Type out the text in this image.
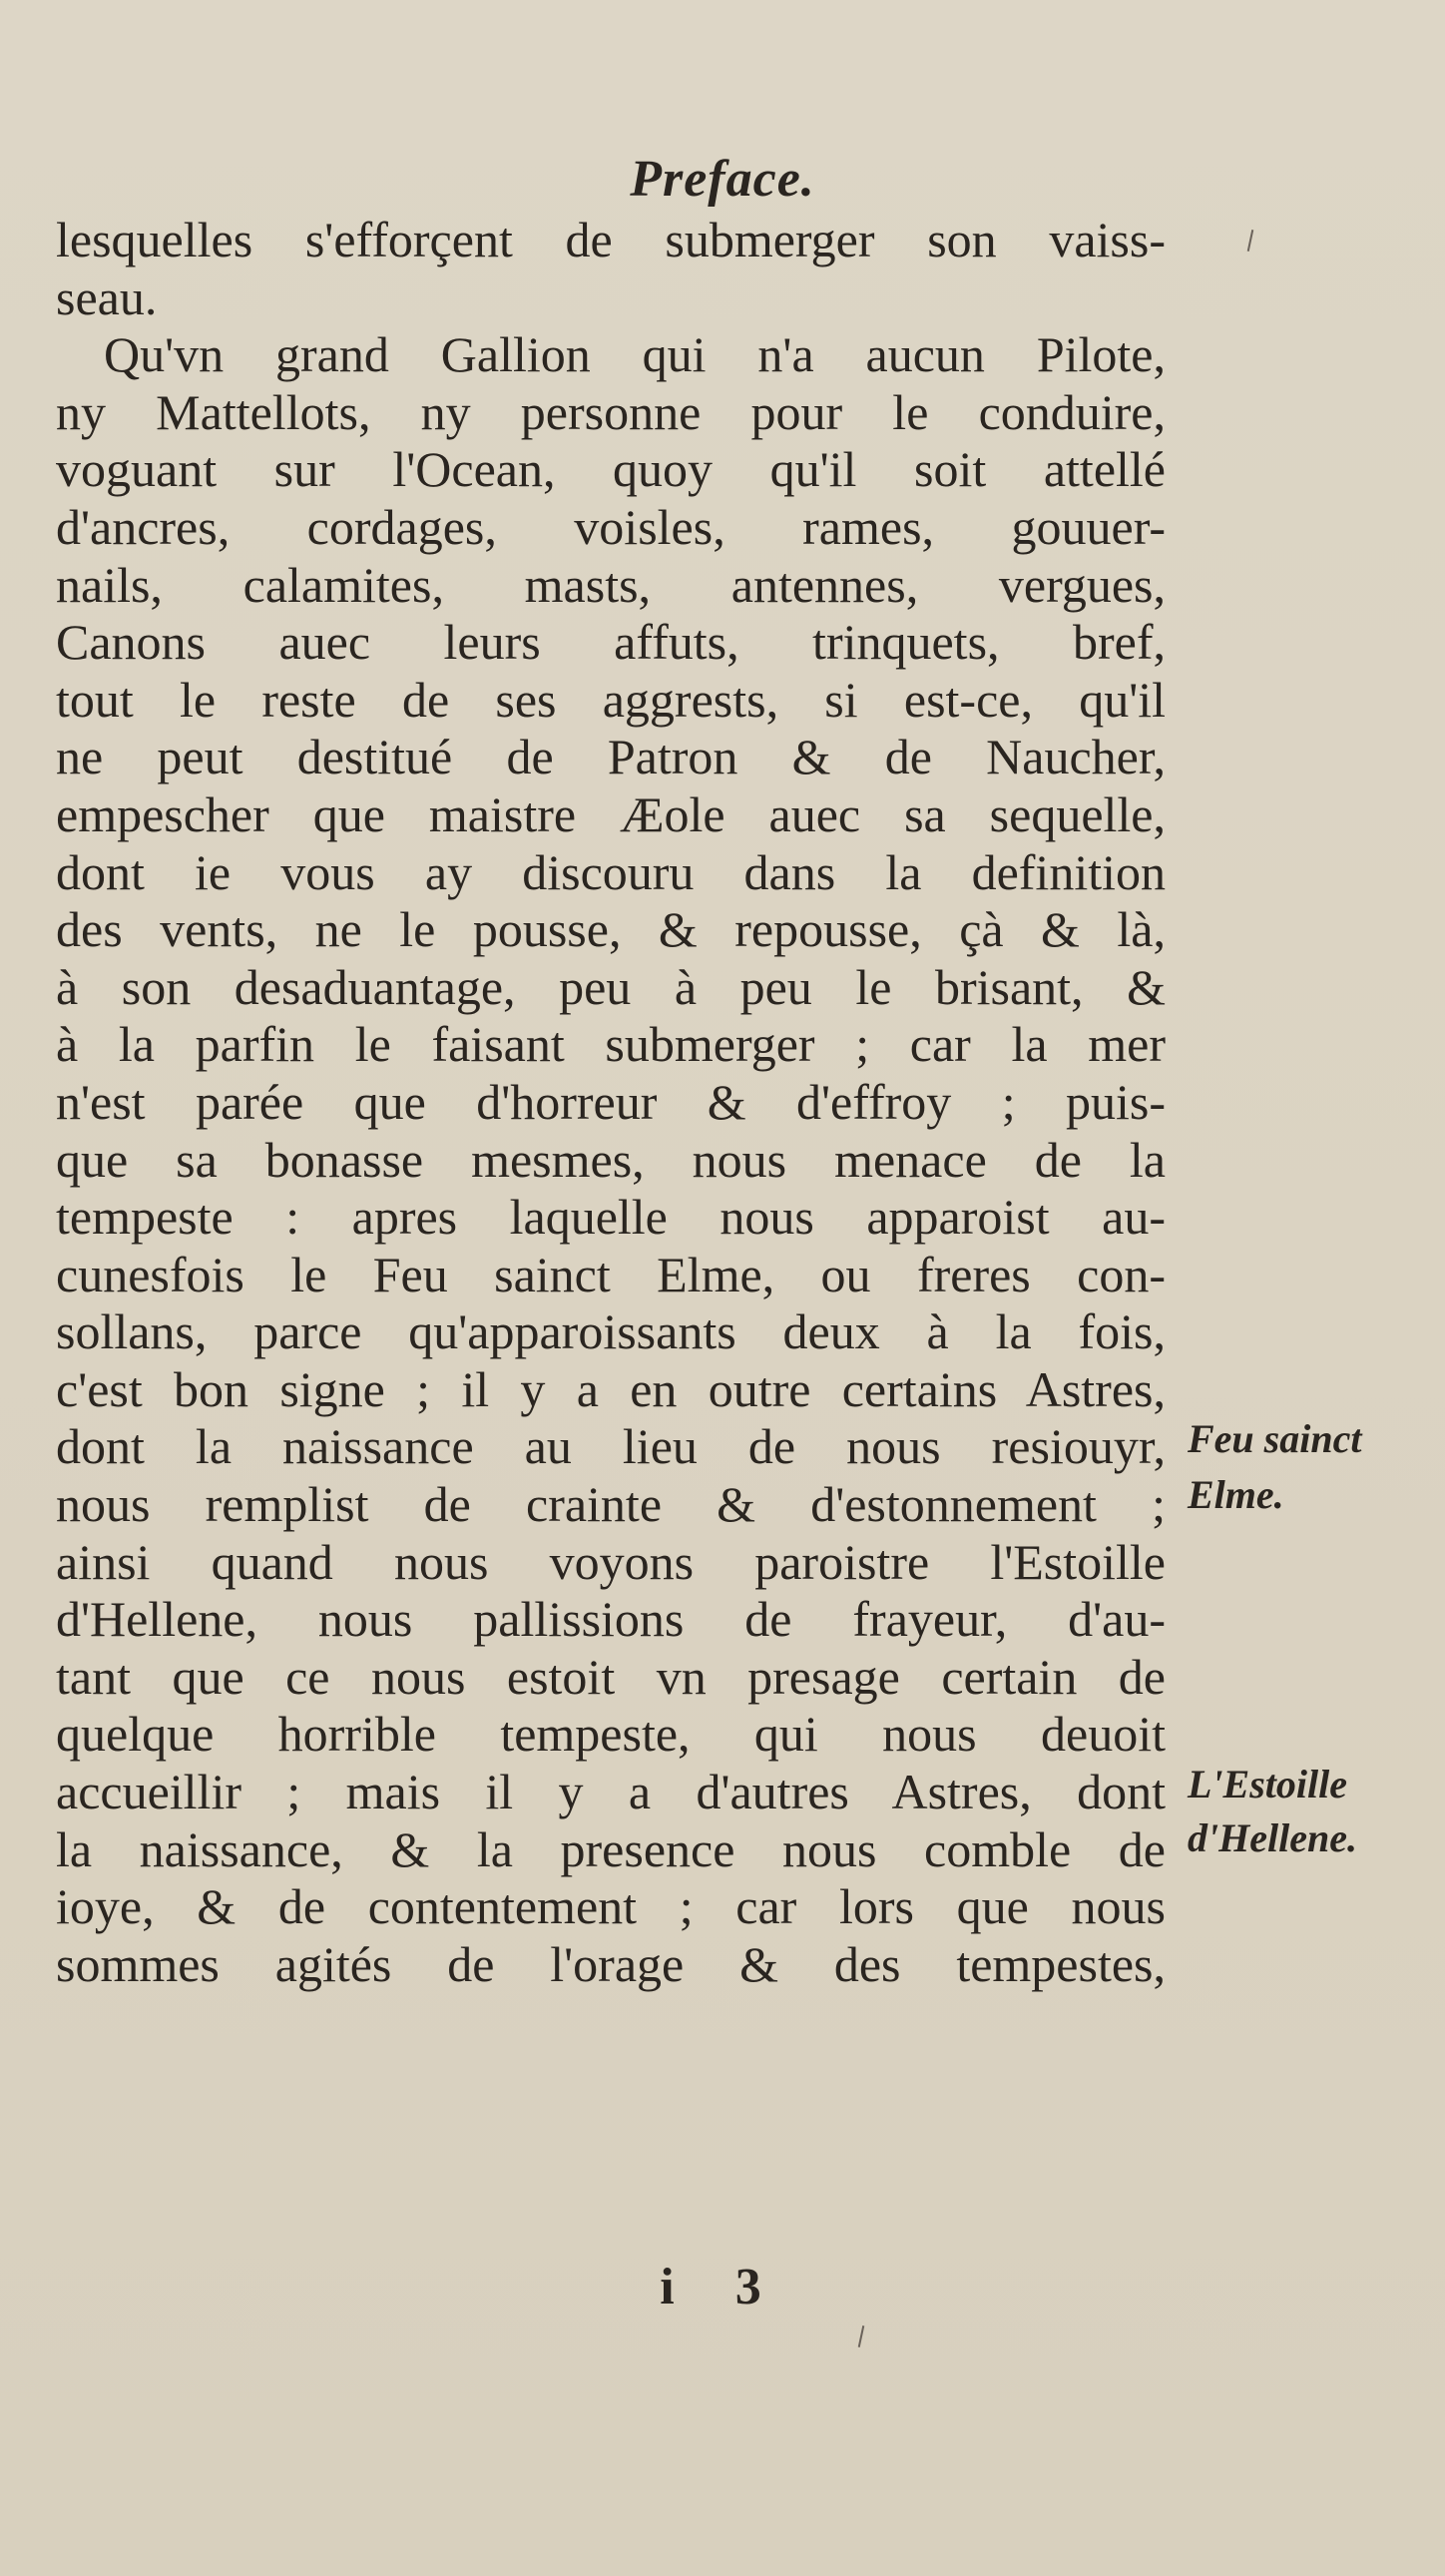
Preface.
lesquelles s'efforçent de submerger son vaiss-
seau.
Qu'vn grand Gallion qui n'a aucun Pilote,
ny Mattellots, ny personne pour le conduire,
voguant sur l'Ocean, quoy qu'il soit attellé
d'ancres, cordages, voisles, rames, gouuer-
nails, calamites, masts, antennes, vergues,
Canons auec leurs affuts, trinquets, bref,
tout le reste de ses aggrests, si est-ce, qu'il
ne peut destitué de Patron & de Naucher,
empescher que maistre Æole auec sa sequelle,
dont ie vous ay discouru dans la definition
des vents, ne le pousse, & repousse, çà & là,
à son desaduantage, peu à peu le brisant, &
à la parfin le faisant submerger ; car la mer
n'est parée que d'horreur & d'effroy ; puis-
que sa bonasse mesmes, nous menace de la
tempeste : apres laquelle nous apparoist au-
cunesfois le Feu sainct Elme, ou freres con-
sollans, parce qu'apparoissants deux à la fois,
c'est bon signe ; il y a en outre certains Astres,
dont la naissance au lieu de nous resiouyr,
nous remplist de crainte & d'estonnement ;
ainsi quand nous voyons paroistre l'Estoille
d'Hellene, nous pallissions de frayeur, d'au-
tant que ce nous estoit vn presage certain de
quelque horrible tempeste, qui nous deuoit
accueillir ; mais il y a d'autres Astres, dont
la naissance, & la presence nous comble de
ioye, & de contentement ; car lors que nous
sommes agités de l'orage & des tempestes,
Feu sainct
Elme.
L'Estoille
d'Hellene.
i 3
